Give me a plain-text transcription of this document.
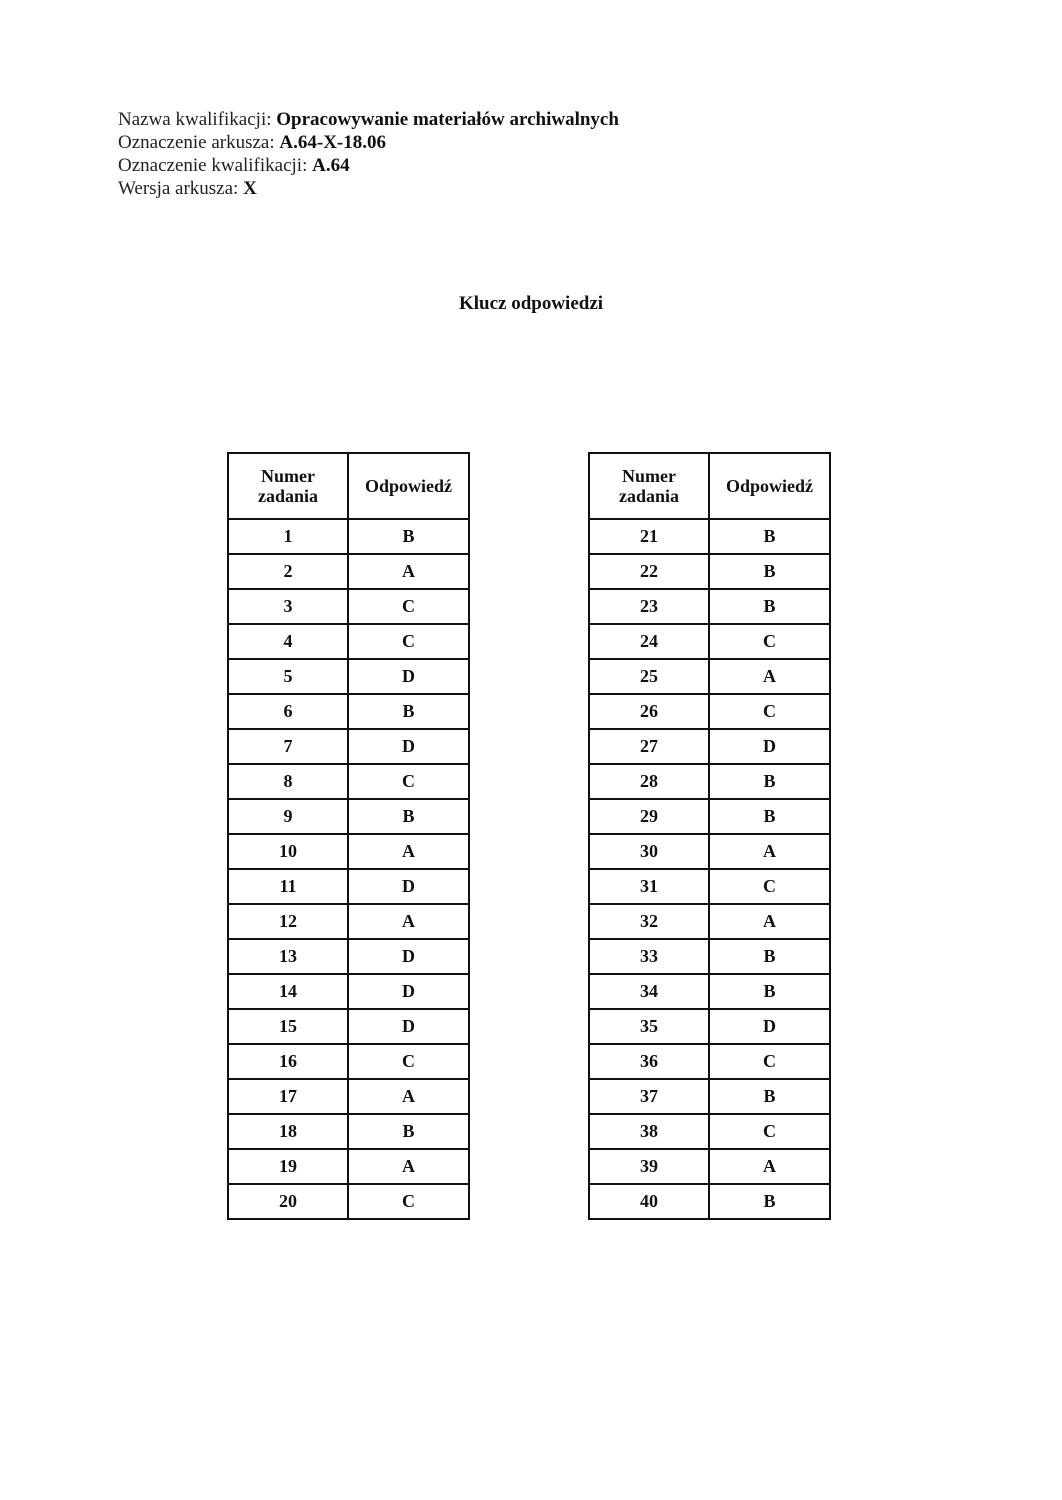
Nazwa kwalifikacji: Opracowywanie materiałów archiwalnych
Oznaczenie arkusza: A.64-X-18.06
Oznaczenie kwalifikacji: A.64
Wersja arkusza: X
Klucz odpowiedzi
Numer zadania	Odpowiedź
1	B
2	A
3	C
4	C
5	D
6	B
7	D
8	C
9	B
10	A
11	D
12	A
13	D
14	D
15	D
16	C
17	A
18	B
19	A
20	C
Numer zadania	Odpowiedź
21	B
22	B
23	B
24	C
25	A
26	C
27	D
28	B
29	B
30	A
31	C
32	A
33	B
34	B
35	D
36	C
37	B
38	C
39	A
40	B
